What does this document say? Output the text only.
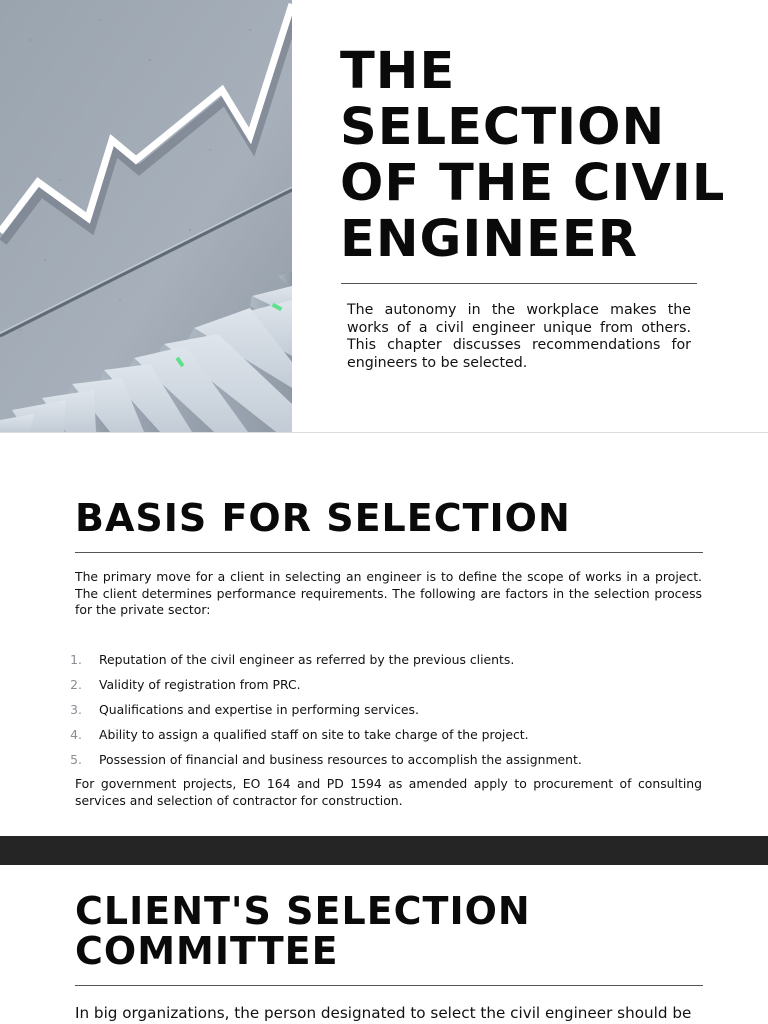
THE SELECTION OF THE CIVIL ENGINEER

The autonomy in the workplace makes the works of a civil engineer unique from others. This chapter discusses recommendations for engineers to be selected.

BASIS FOR SELECTION

The primary move for a client in selecting an engineer is to define the scope of works in a project. The client determines performance requirements. The following are factors in the selection process for the private sector:

1. Reputation of the civil engineer as referred by the previous clients.
2. Validity of registration from PRC.
3. Qualifications and expertise in performing services.
4. Ability to assign a qualified staff on site to take charge of the project.
5. Possession of financial and business resources to accomplish the assignment.

For government projects, EO 164 and PD 1594 as amended apply to procurement of consulting services and selection of contractor for construction.

CLIENT'S SELECTION COMMITTEE

In big organizations, the person designated to select the civil engineer should be
